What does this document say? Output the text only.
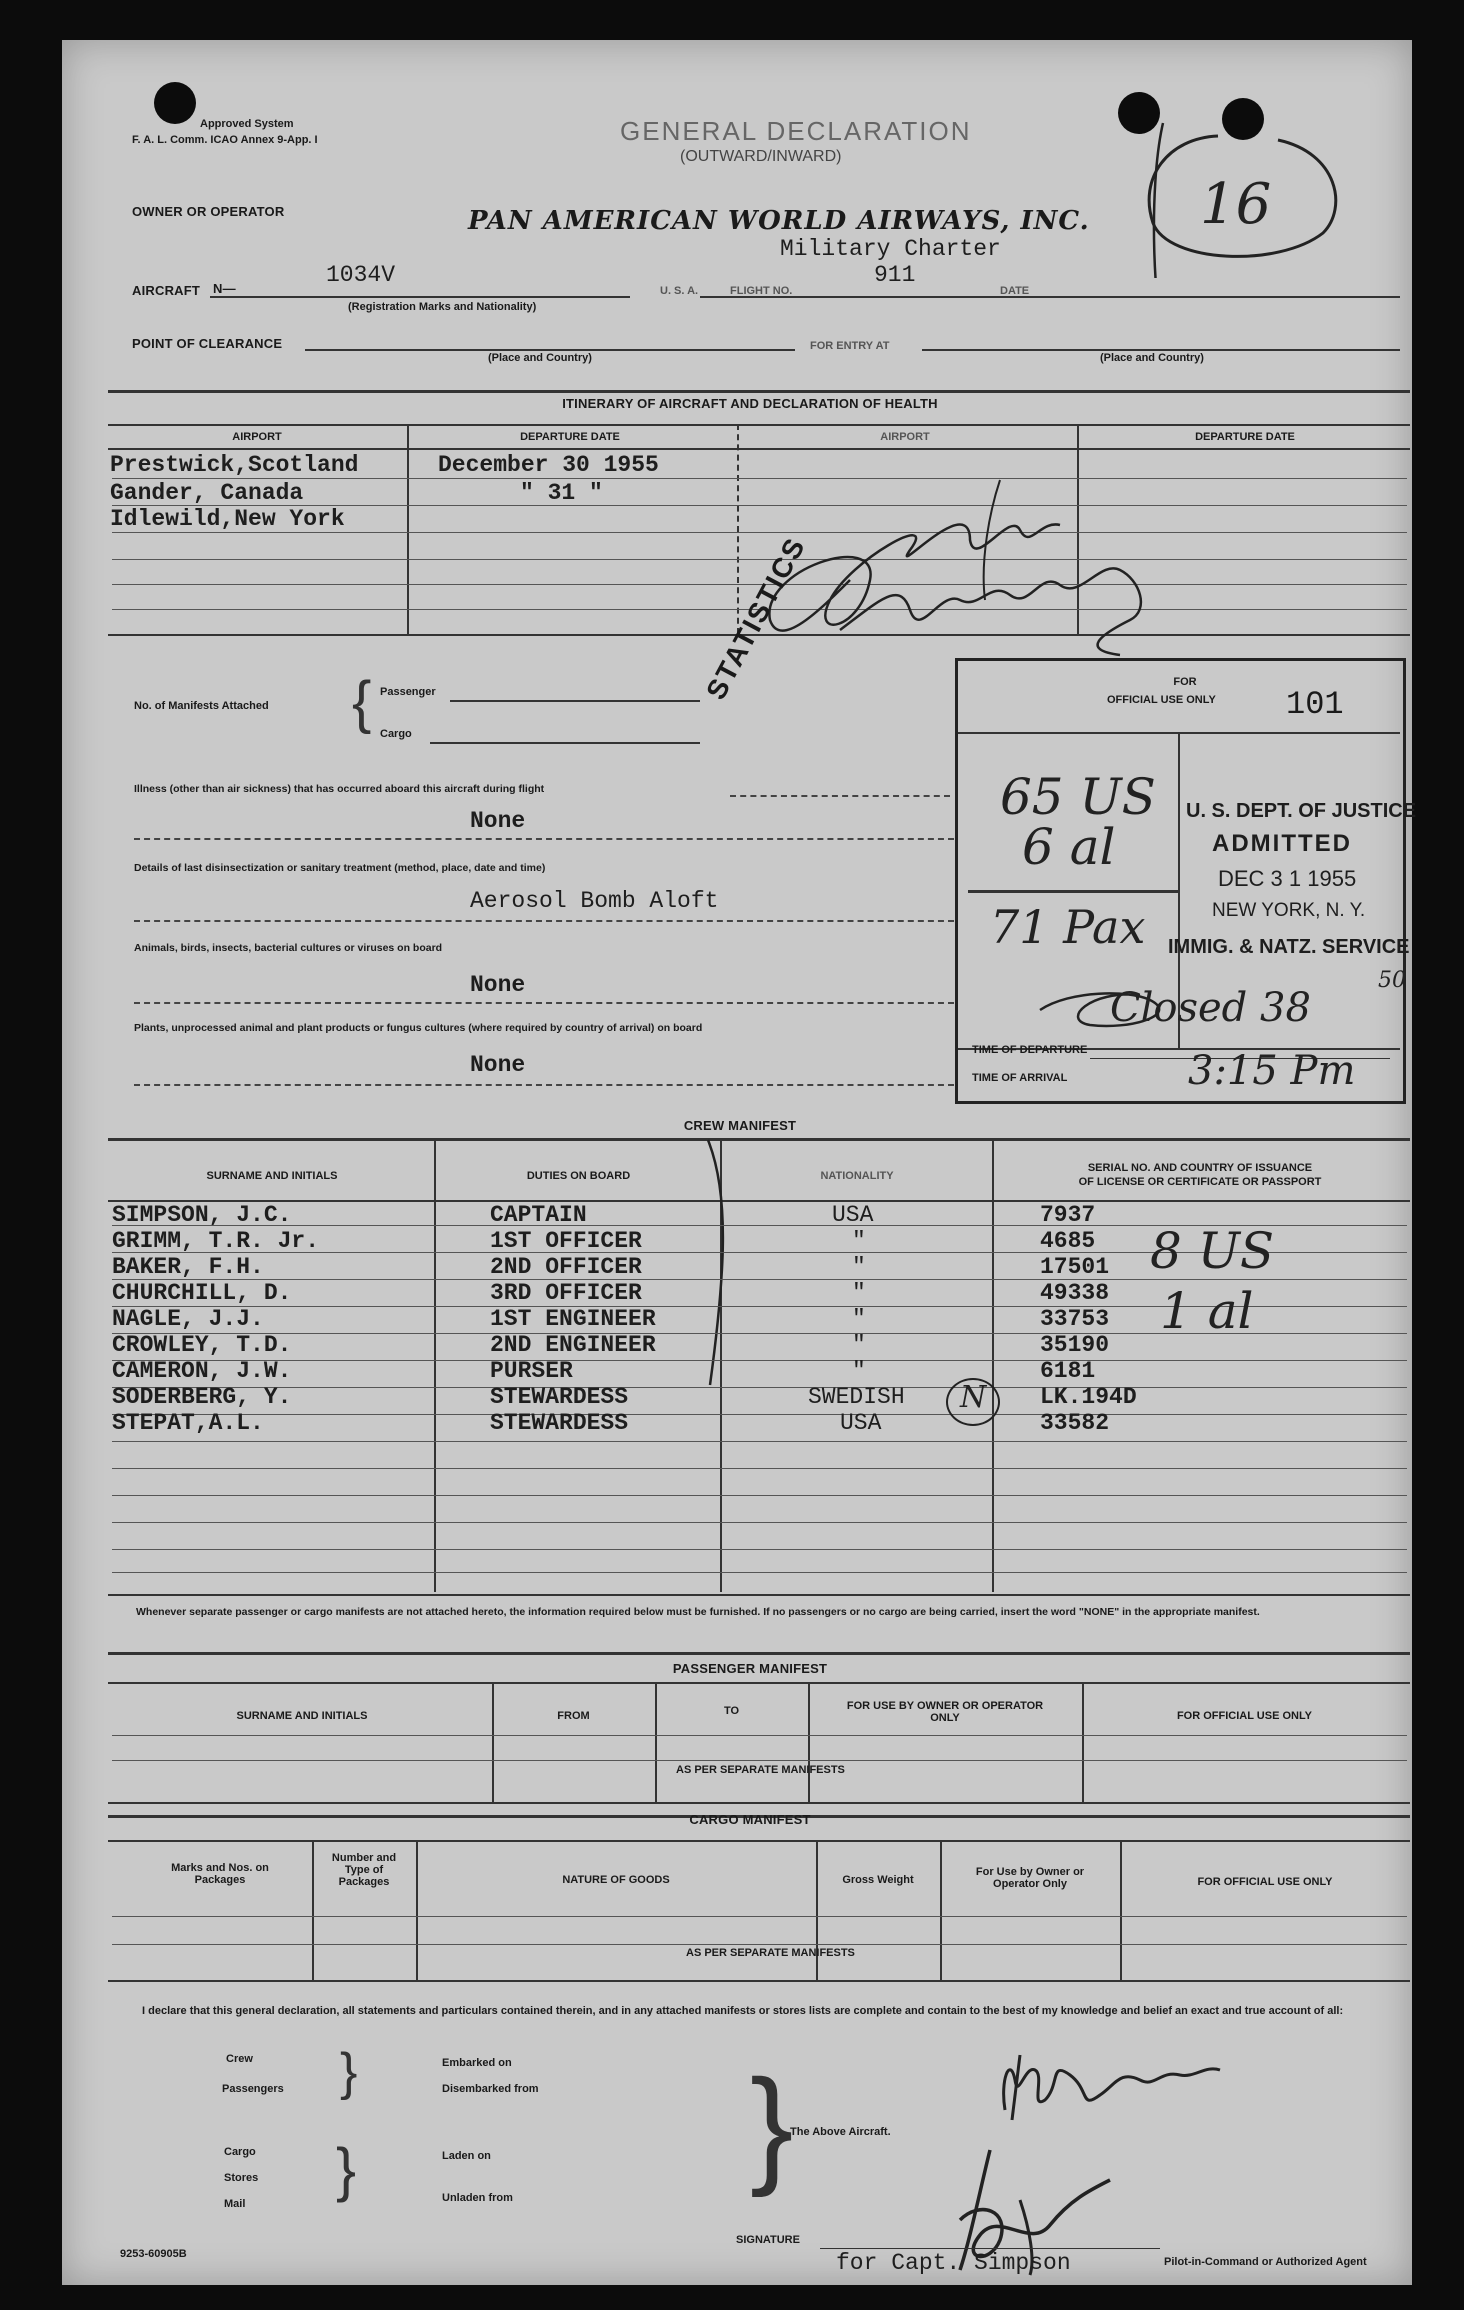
Approved System
F. A. L. Comm. ICAO Annex 9-App. I	GENERAL DECLARATION
(OUTWARD/INWARD)
16
OWNER OR OPERATOR	PAN AMERICAN WORLD AIRWAYS, INC.
Military Charter
AIRCRAFT N—
1034V
(Registration Marks and Nationality)
U. S. A.	FLIGHT NO.
911
DATE
POINT OF CLEARANCE
(Place and Country)
FOR ENTRY AT
(Place and Country)
ITINERARY OF AIRCRAFT AND DECLARATION OF HEALTH
AIRPORT	DEPARTURE DATE	AIRPORT	DEPARTURE DATE
Prestwick,Scotland	December 30 1955
Gander, Canada	" 31 "
Idlewild,New York
No. of Manifests Attached { Passenger
Cargo
STATISTICS
Illness (other than air sickness) that has occurred aboard this aircraft during flight
None
Details of last disinsectization or sanitary treatment (method, place, date and time)
Aerosol Bomb Aloft
Animals, birds, insects, bacterial cultures or viruses on board
None
Plants, unprocessed animal and plant products or fungus cultures (where required by country of arrival) on board
None
FOR
OFFICIAL USE ONLY 101
65 US
6 al
71 Pax
U. S. DEPT. OF JUSTICE
ADMITTED
DEC 3 1 1955
NEW YORK, N. Y.
IMMIG. & NATZ. SERVICE
Closed 38
50
TIME OF DEPARTURE
TIME OF ARRIVAL	3:15 Pm
CREW MANIFEST
SURNAME AND INITIALS	DUTIES ON BOARD	NATIONALITY
SERIAL NO. AND COUNTRY OF ISSUANCE
OF LICENSE OR CERTIFICATE OR PASSPORT
SIMPSON, J.C.	CAPTAIN	USA	7937
GRIMM, T.R. Jr.	1ST OFFICER	"	4685
BAKER, F.H.	2ND OFFICER	"	17501
CHURCHILL, D.	3RD OFFICER	"	49338
NAGLE, J.J.	1ST ENGINEER	"	33753
CROWLEY, T.D.	2ND ENGINEER	"	35190
CAMERON, J.W.	PURSER	"	6181
SODERBERG, Y.	STEWARDESS	SWEDISH	LK.194D
STEPAT,A.L.	STEWARDESS	USA	33582
N
8 US
1 al
Whenever separate passenger or cargo manifests are not attached hereto, the information required below must be furnished. If no passengers or no cargo are being carried, insert the word "NONE" in the appropriate manifest.
PASSENGER MANIFEST
SURNAME AND INITIALS	FROM	TO	FOR USE BY OWNER OR OPERATOR ONLY	FOR OFFICIAL USE ONLY
AS PER SEPARATE MANIFESTS
CARGO MANIFEST
Marks and Nos. on Packages
Number and Type of Packages	NATURE OF GOODS	Gross Weight
For Use by Owner or Operator Only	FOR OFFICIAL USE ONLY
AS PER SEPARATE MANIFESTS
I declare that this general declaration, all statements and particulars contained therein, and in any attached manifests or stores lists are complete and contain to the best of my knowledge and belief an exact and true account of all:
Crew
Passengers }	Embarked on
Disembarked from
Cargo
Stores
Mail
}	Laden on
Unladen from }
The Above Aircraft.
SIGNATURE
for Capt. Simpson	Pilot-in-Command or Authorized Agent
9253-60905B
